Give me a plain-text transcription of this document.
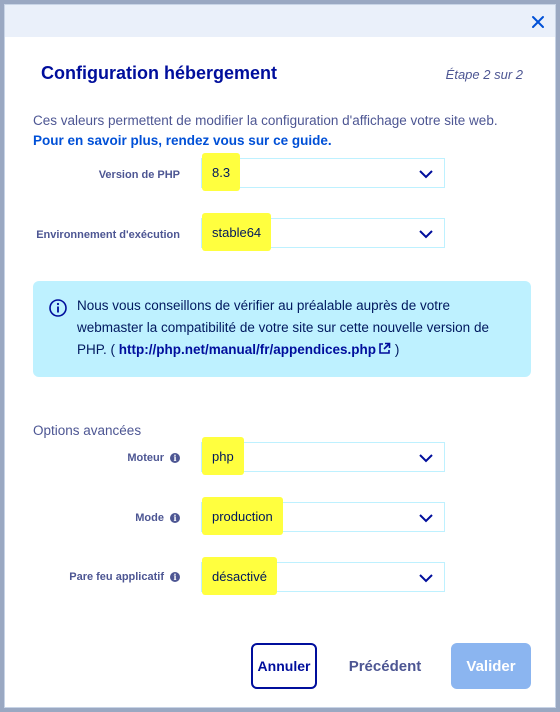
Configuration hébergement	Étape 2 sur 2
Ces valeurs permettent de modifier la configuration d'affichage votre site web.
Pour en savoir plus, rendez vous sur ce guide.
Version de PHP	8.3
Environnement d'exécution	stable64
Nous vous conseillons de vérifier au préalable auprès de votre webmaster la compatibilité de votre site sur cette nouvelle version de PHP. ( http://php.net/manual/fr/appendices.php )
Options avancées
Moteur	i	php
Mode	i	production
Pare feu applicatif	i	désactivé
Annuler	Précédent	Valider
